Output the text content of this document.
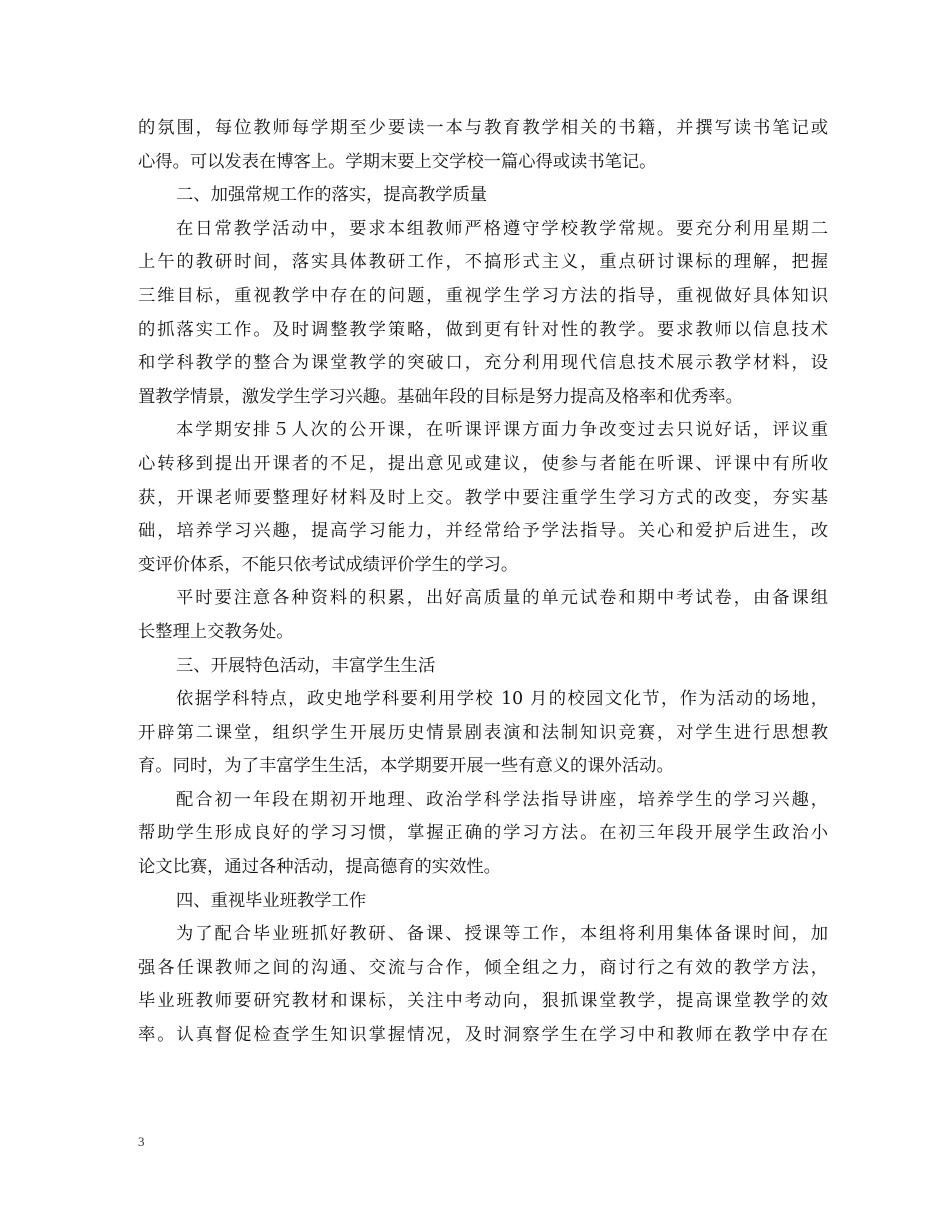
的氛围，每位教师每学期至少要读一本与教育教学相关的书籍，并撰写读书笔记或
心得。可以发表在博客上。学期末要上交学校一篇心得或读书笔记。
二、加强常规工作的落实，提高教学质量
在日常教学活动中，要求本组教师严格遵守学校教学常规。要充分利用星期二
上午的教研时间，落实具体教研工作，不搞形式主义，重点研讨课标的理解，把握
三维目标，重视教学中存在的问题，重视学生学习方法的指导，重视做好具体知识
的抓落实工作。及时调整教学策略，做到更有针对性的教学。要求教师以信息技术
和学科教学的整合为课堂教学的突破口，充分利用现代信息技术展示教学材料，设
置教学情景，激发学生学习兴趣。基础年段的目标是努力提高及格率和优秀率。
本学期安排５人次的公开课，在听课评课方面力争改变过去只说好话，评议重
心转移到提出开课者的不足，提出意见或建议，使参与者能在听课、评课中有所收
获，开课老师要整理好材料及时上交。教学中要注重学生学习方式的改变，夯实基
础，培养学习兴趣，提高学习能力，并经常给予学法指导。关心和爱护后进生，改
变评价体系，不能只依考试成绩评价学生的学习。
平时要注意各种资料的积累，出好高质量的单元试卷和期中考试卷，由备课组
长整理上交教务处。
三、开展特色活动，丰富学生生活
依据学科特点，政史地学科要利用学校 10 月的校园文化节，作为活动的场地，
开辟第二课堂，组织学生开展历史情景剧表演和法制知识竞赛，对学生进行思想教
育。同时，为了丰富学生生活，本学期要开展一些有意义的课外活动。
配合初一年段在期初开地理、政治学科学法指导讲座，培养学生的学习兴趣，
帮助学生形成良好的学习习惯，掌握正确的学习方法。在初三年段开展学生政治小
论文比赛，通过各种活动，提高德育的实效性。
四、重视毕业班教学工作
为了配合毕业班抓好教研、备课、授课等工作，本组将利用集体备课时间，加
强各任课教师之间的沟通、交流与合作，倾全组之力，商讨行之有效的教学方法，
毕业班教师要研究教材和课标，关注中考动向，狠抓课堂教学，提高课堂教学的效
率。认真督促检查学生知识掌握情况，及时洞察学生在学习中和教师在教学中存在
3
